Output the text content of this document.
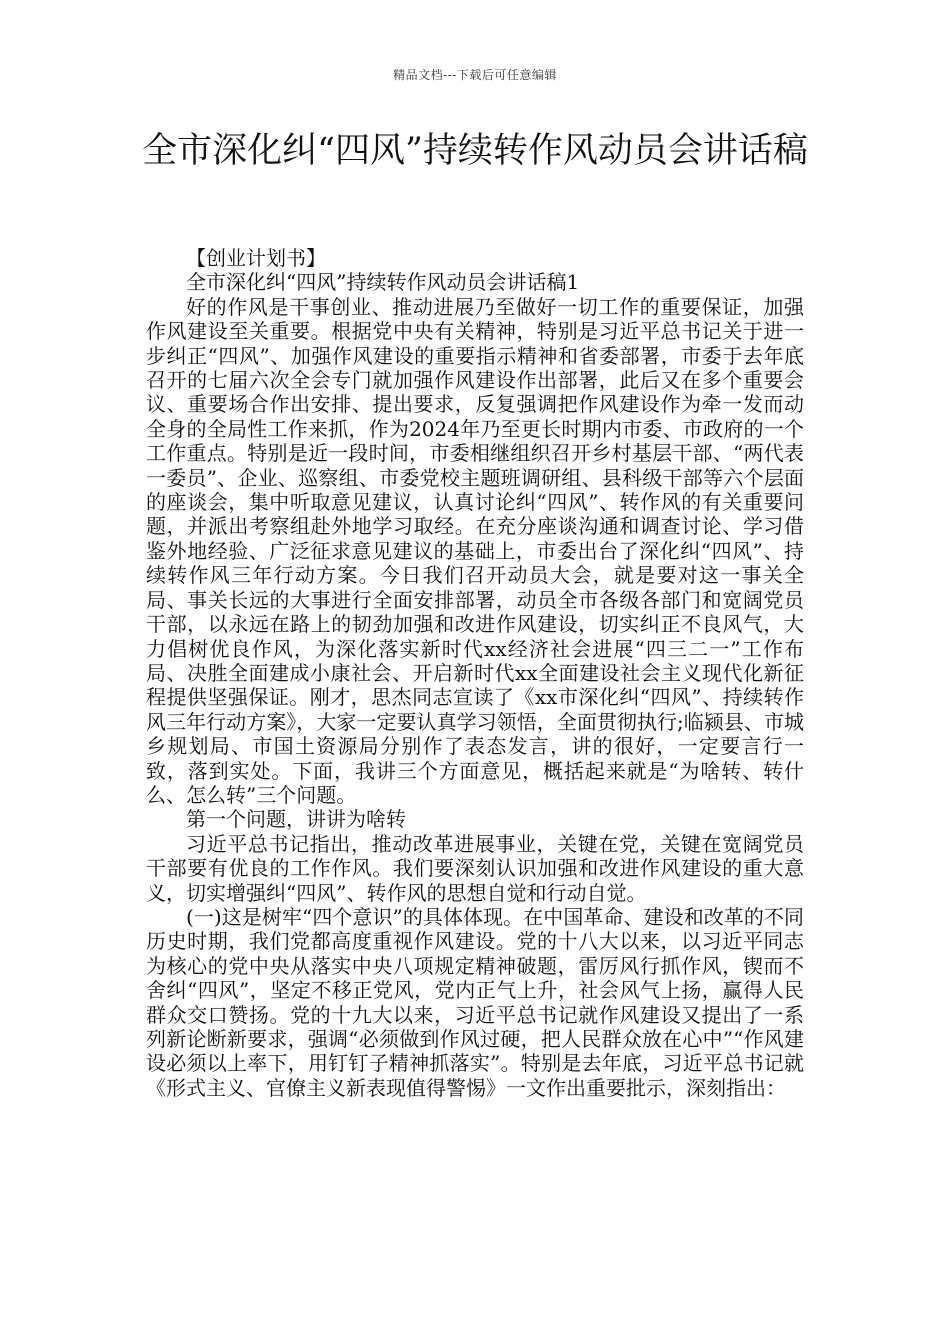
精品文档---下载后可任意编辑
全市深化纠“四风”持续转作风动员会讲话稿

【创业计划书】

全市深化纠“四风”持续转作风动员会讲话稿1

好的作风是干事创业、推动进展乃至做好一切工作的重要保证，加强作风建设至关重要。根据党中央有关精神，特别是习近平总书记关于进一步纠正“四风”、加强作风建设的重要指示精神和省委部署，市委于去年底召开的七届六次全会专门就加强作风建设作出部署，此后又在多个重要会议、重要场合作出安排、提出要求，反复强调把作风建设作为牵一发而动全身的全局性工作来抓，作为2024年乃至更长时期内市委、市政府的一个工作重点。特别是近一段时间，市委相继组织召开乡村基层干部、“两代表一委员”、企业、巡察组、市委党校主题班调研组、县科级干部等六个层面的座谈会，集中听取意见建议，认真讨论纠“四风”、转作风的有关重要问题，并派出考察组赴外地学习取经。在充分座谈沟通和调查讨论、学习借鉴外地经验、广泛征求意见建议的基础上，市委出台了深化纠“四风”、持续转作风三年行动方案。今日我们召开动员大会，就是要对这一事关全局、事关长远的大事进行全面安排部署，动员全市各级各部门和宽阔党员干部，以永远在路上的韧劲加强和改进作风建设，切实纠正不良风气，大力倡树优良作风，为深化落实新时代xx经济社会进展“四三二一”工作布局、决胜全面建成小康社会、开启新时代xx全面建设社会主义现代化新征程提供坚强保证。刚才，思杰同志宣读了《xx市深化纠“四风”、持续转作风三年行动方案》，大家一定要认真学习领悟，全面贯彻执行;临颍县、市城乡规划局、市国土资源局分别作了表态发言，讲的很好，一定要言行一致，落到实处。下面，我讲三个方面意见，概括起来就是“为啥转、转什么、怎么转”三个问题。

第一个问题，讲讲为啥转

习近平总书记指出，推动改革进展事业，关键在党，关键在宽阔党员干部要有优良的工作作风。我们要深刻认识加强和改进作风建设的重大意义，切实增强纠“四风”、转作风的思想自觉和行动自觉。

(一)这是树牢“四个意识”的具体体现。在中国革命、建设和改革的不同历史时期，我们党都高度重视作风建设。党的十八大以来，以习近平同志为核心的党中央从落实中央八项规定精神破题，雷厉风行抓作风，锲而不舍纠“四风”，坚定不移正党风，党内正气上升，社会风气上扬，赢得人民群众交口赞扬。党的十九大以来，习近平总书记就作风建设又提出了一系列新论断新要求，强调“必须做到作风过硬，把人民群众放在心中”“作风建设必须以上率下，用钉钉子精神抓落实”。特别是去年底，习近平总书记就《形式主义、官僚主义新表现值得警惕》一文作出重要批示，深刻指出：
